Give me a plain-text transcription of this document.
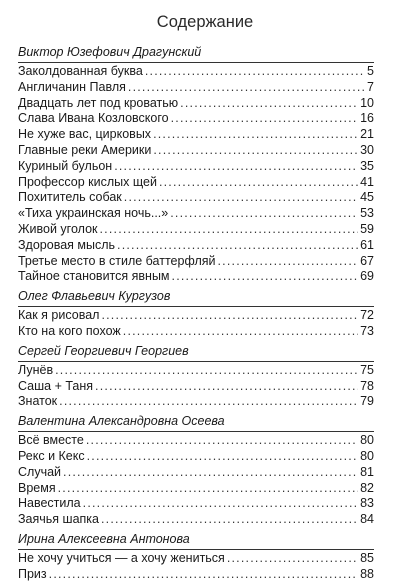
Содержание
Виктор Юзефович Драгунский
Заколдованная буква .....	5
Англичанин Павля .....	7
Двадцать лет под кроватью .....	10
Слава Ивана Козловского .....	16
Не хуже вас, цирковых .....	21
Главные реки Америки .....	30
Куриный бульон .....	35
Профессор кислых щей .....	41
Похититель собак .....	45
«Тиха украинская ночь...» .....	53
Живой уголок .....	59
Здоровая мысль .....	61
Третье место в стиле баттерфляй .....	67
Тайное становится явным .....	69
Олег Флавьевич Кургузов
Как я рисовал .....	72
Кто на кого похож .....	73
Сергей Георгиевич Георгиев
Лунёв .....	75
Саша + Таня .....	78
Знаток .....	79
Валентина Александровна Осеева
Всё вместе .....	80
Рекс и Кекс .....	80
Случай .....	81
Время .....	82
Навестила .....	83
Заячья шапка .....	84
Ирина Алексеевна Антонова
Не хочу учиться — а хочу жениться .....	85
Приз .....	88
